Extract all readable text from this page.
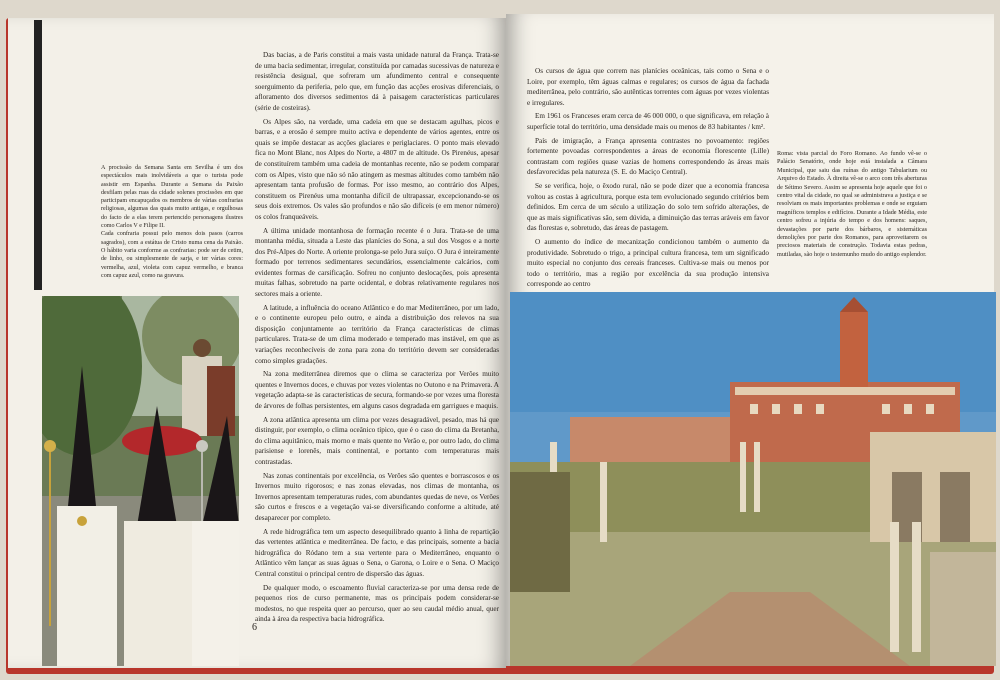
A procissão da Semana Santa em Sevilha é um dos espectáculos mais inolvidáveis a que o turista pode assistir em Espanha. Durante a Semana da Paixão desfilam pelas ruas da cidade solenes procissões em que participam encapuçados os membros de várias confrarias religiosas, algumas das quais muito antigas, e orgulhosas do facto de a elas terem pertencido personagens ilustres como Carlos V e Filipe II.

Cada confraria possui pelo menos dois pasos (carros sagrados), com a estátua de Cristo numa cena da Paixão. O hábito varia conforme as confrarias: pode ser de cetim, de linho, ou simplesmente de sarja, e ter várias cores: vermelha, azul, violeta com capuz vermelho, e branca com capuz azul, como na gravura.

Das bacias, a de Paris constitui a mais vasta unidade natural da França. Trata-se de uma bacia sedimentar, irregular, constituída por camadas sucessivas de natureza e resistência desigual, que sofreram um afundimento central e consequente soerguimento da periferia, pelo que, em função das acções erosivas diferenciais, o afloramento dos diversos sedimentos dá à paisagem características particulares (série de costeiras).

Os Alpes são, na verdade, uma cadeia em que se destacam agulhas, picos e barras, e a erosão é sempre muito activa e dependente de vários agentes, entre os quais se impõe destacar as acções glaciares e periglaciares. O ponto mais elevado fica no Mont Blanc, nos Alpes do Norte, a 4807 m de altitude. Os Pirenéus, apesar de constituírem também uma cadeia de montanhas recente, não se podem comparar com os Alpes, visto que não só não atingem as mesmas altitudes como também não apresentam tanta profusão de formas. Por isso mesmo, ao contrário dos Alpes, constituem os Pirenéus uma montanha difícil de ultrapassar, excepcionando-se os seus dois extremos. Os vales são profundos e não são difíceis (e em menor número) os colos franqueáveis.

A última unidade montanhosa de formação recente é o Jura. Trata-se de uma montanha média, situada a Leste das planícies do Sona, a sul dos Vosgos e a norte dos Pré-Alpes do Norte. A oriente prolonga-se pelo Jura suíço. O Jura é inteiramente formado por terrenos sedimentares secundários, essencialmente calcários, com evidentes formas de carsificação. Sofreu no conjunto deslocações, pois apresenta muitas falhas, sobretudo na parte ocidental, e dobras relativamente regulares nos sectores mais a oriente.

A latitude, a influência do oceano Atlântico e do mar Mediterrâneo, por um lado, e o continente europeu pelo outro, e ainda a distribuição dos relevos na sua disposição conjuntamente ao território da França características de climas particulares. Trata-se de um clima moderado e temperado mas instável, em que as variações reconhecíveis de zona para zona do território devem ser consideradas como simples gradações.

Na zona mediterrânea diremos que o clima se caracteriza por Verões muito quentes e Invernos doces, e chuvas por vezes violentas no Outono e na Primavera. A vegetação adapta-se às características de secura, formando-se por vezes uma floresta de árvores de folhas persistentes, em alguns casos degradada em garrigues e maquis.

A zona atlântica apresenta um clima por vezes desagradável, pesado, mas há que distinguir, por exemplo, o clima oceânico típico, que é o caso do clima da Bretanha, do clima aquitânico, mais morno e mais quente no Verão e, por outro lado, do clima parisiense e lorenês, mais continental, e portanto com temperaturas mais contrastadas.

Nas zonas continentais por excelência, os Verões são quentes e borrascosos e os Invernos muito rigorosos; e nas zonas elevadas, nos climas de montanha, os Invernos apresentam temperaturas rudes, com abundantes quedas de neve, os Verões são curtos e frescos e a vegetação vai-se diversificando conforme a altitude, até desaparecer por completo.

A rede hidrográfica tem um aspecto desequilibrado quanto à linha de repartição das vertentes atlântica e mediterrânea. De facto, e das principais, somente a bacia hidrográfica do Ródano tem a sua vertente para o Mediterrâneo, enquanto o Atlântico vêm lançar as suas águas o Sena, o Garona, o Loire e o Sena. O Maciço Central constitui o principal centro de dispersão das águas.

De qualquer modo, o escoamento fluvial caracteriza-se por uma densa rede de pequenos rios de curso permanente, mas os principais podem considerar-se modestos, no que respeita quer ao percurso, quer ao seu caudal médio anual, quer ainda à área da respectiva bacia hidrográfica.

6

Os cursos de água que correm nas planícies oceânicas, tais como o Sena e o Loire, por exemplo, têm águas calmas e regulares; os cursos de água da fachada mediterrânea, pelo contrário, são autênticas torrentes com águas por vezes violentas e irregulares.

Em 1961 os Franceses eram cerca de 46 000 000, o que significava, em relação à superfície total do território, uma densidade mais ou menos de 83 habitantes / km².

País de imigração, a França apresenta contrastes no povoamento: regiões fortemente povoadas correspondentes a áreas de economia florescente (Lille) contrastam com regiões quase vazias de homens correspondendo às áreas mais desfavorecidas pela natureza (S. E. do Maciço Central).

Se se verifica, hoje, o êxodo rural, não se pode dizer que a economia francesa voltou as costas à agricultura, porque esta tem evolucionado segundo critérios bem definidos. Em cerca de um século a utilização do solo tem sofrido alterações, de que as mais significativas são, sem dúvida, a diminuição das terras aráveis em favor das florestas e, sobretudo, das áreas de pastagem.

O aumento do índice de mecanização condicionou também o aumento da produtividade. Sobretudo o trigo, a principal cultura francesa, tem um significado muito especial no conjunto dos cereais franceses. Cultiva-se mais ou menos por todo o território, mas a região por excelência da sua produção intensiva corresponde ao centro

Roma: vista parcial do Foro Romano. Ao fundo vê-se o Palácio Senatório, onde hoje está instalada a Câmara Municipal, que saiu das ruínas do antigo Tabularium ou Arquivo do Estado. À direita vê-se o arco com três aberturas de Sétimo Severo. Assim se apresenta hoje aquele que foi o centro vital da cidade, no qual se administrava a justiça e se resolviam os mais importantes problemas e onde se erguiam magníficos templos e edifícios. Durante a Idade Média, este centro sofreu a injúria do tempo e dos homens: saques, devastações por parte dos bárbaros, e sistemáticas demolições por parte dos Romanos, para aproveitarem os preciosos materiais de construção. Todavia estas pedras, mutiladas, são hoje o testemunho mudo do antigo esplendor.
